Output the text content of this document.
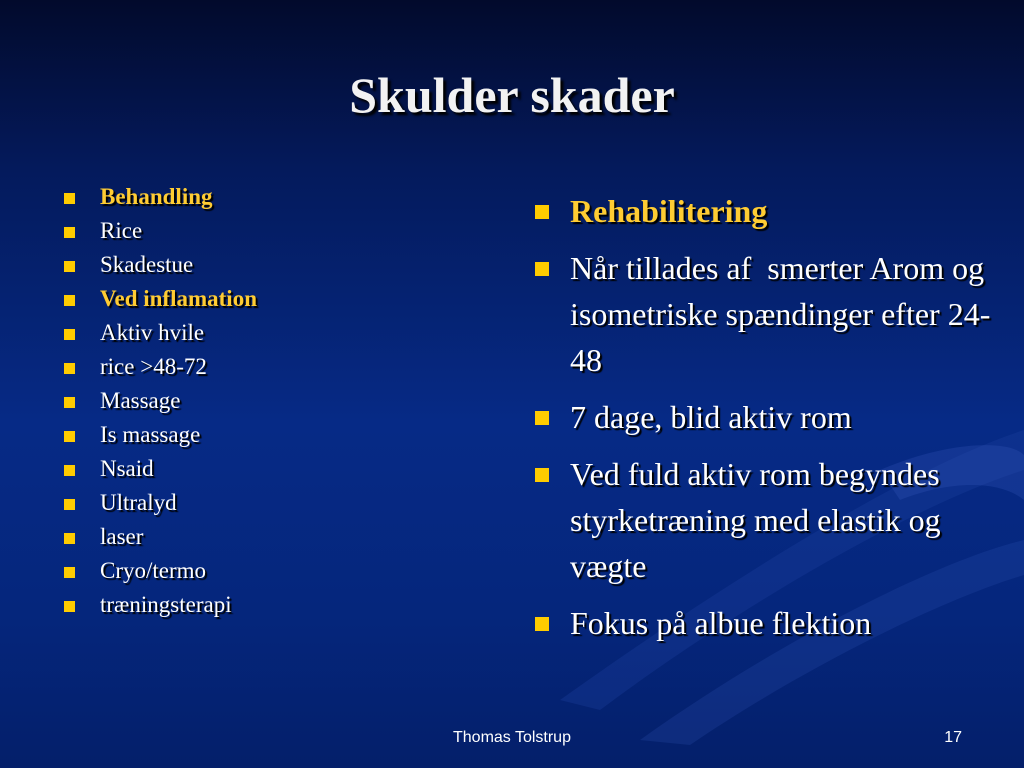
Skulder skader
Behandling
Rice
Skadestue
Ved inflamation
Aktiv hvile
rice >48-72
Massage
Is massage
Nsaid
Ultralyd
laser
Cryo/termo
træningsterapi
Rehabilitering
Når tillades af  smerter Arom og isometriske spændinger efter 24-48
7 dage, blid aktiv rom
Ved fuld aktiv rom begyndes styrketræning med elastik og vægte
Fokus på albue flektion
Thomas Tolstrup	17
